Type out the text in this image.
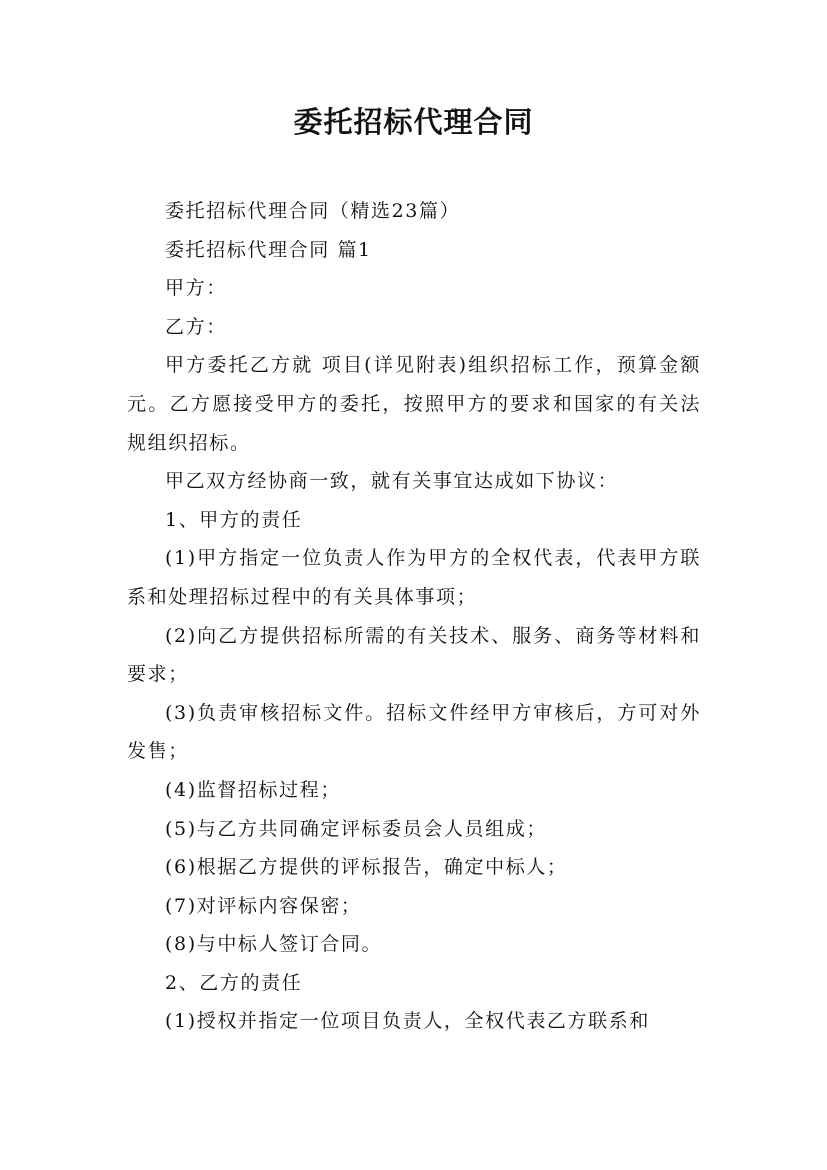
委托招标代理合同

委托招标代理合同（精选23篇）

委托招标代理合同 篇1

甲方：

乙方：

甲方委托乙方就 项目(详见附表)组织招标工作，预算金额 元。乙方愿接受甲方的委托，按照甲方的要求和国家的有关法规组织招标。

甲乙双方经协商一致，就有关事宜达成如下协议：

1、甲方的责任

(1)甲方指定一位负责人作为甲方的全权代表，代表甲方联系和处理招标过程中的有关具体事项；

(2)向乙方提供招标所需的有关技术、服务、商务等材料和要求；

(3)负责审核招标文件。招标文件经甲方审核后，方可对外发售；

(4)监督招标过程；

(5)与乙方共同确定评标委员会人员组成；

(6)根据乙方提供的评标报告，确定中标人；

(7)对评标内容保密；

(8)与中标人签订合同。

2、乙方的责任

(1)授权并指定一位项目负责人，全权代表乙方联系和
